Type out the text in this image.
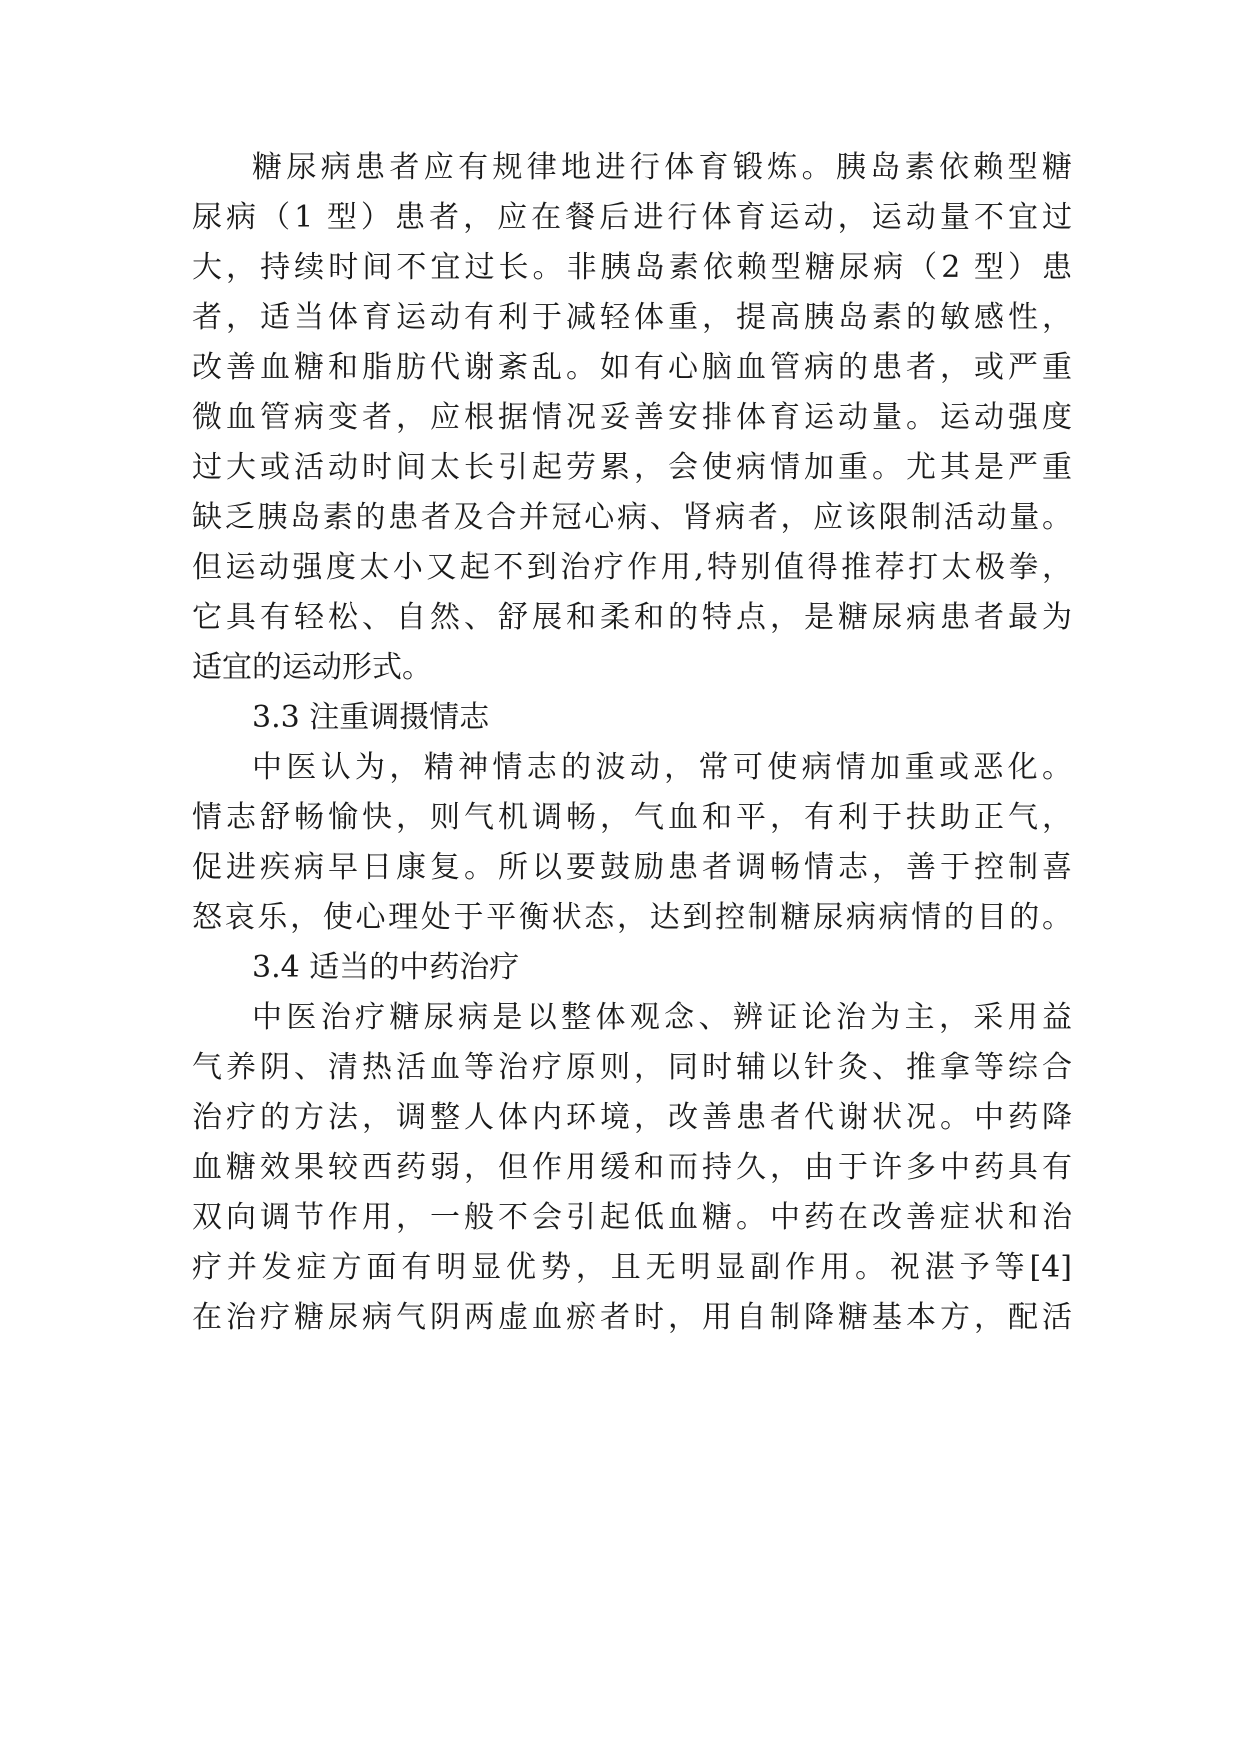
糖尿病患者应有规律地进行体育锻炼。胰岛素依赖型糖
尿病（1 型）患者，应在餐后进行体育运动，运动量不宜过
大，持续时间不宜过长。非胰岛素依赖型糖尿病（2 型）患
者，适当体育运动有利于减轻体重，提高胰岛素的敏感性，
改善血糖和脂肪代谢紊乱。如有心脑血管病的患者，或严重
微血管病变者，应根据情况妥善安排体育运动量。运动强度
过大或活动时间太长引起劳累，会使病情加重。尤其是严重
缺乏胰岛素的患者及合并冠心病、肾病者，应该限制活动量。
但运动强度太小又起不到治疗作用,特别值得推荐打太极拳，
它具有轻松、自然、舒展和柔和的特点，是糖尿病患者最为
适宜的运动形式。
3.3 注重调摄情志
中医认为，精神情志的波动，常可使病情加重或恶化。
情志舒畅愉快，则气机调畅，气血和平，有利于扶助正气，
促进疾病早日康复。所以要鼓励患者调畅情志，善于控制喜
怒哀乐，使心理处于平衡状态，达到控制糖尿病病情的目的。
3.4 适当的中药治疗
中医治疗糖尿病是以整体观念、辨证论治为主，采用益
气养阴、清热活血等治疗原则，同时辅以针灸、推拿等综合
治疗的方法，调整人体内环境，改善患者代谢状况。中药降
血糖效果较西药弱，但作用缓和而持久，由于许多中药具有
双向调节作用，一般不会引起低血糖。中药在改善症状和治
疗并发症方面有明显优势，且无明显副作用。祝湛予等[4]
在治疗糖尿病气阴两虚血瘀者时，用自制降糖基本方，配活
